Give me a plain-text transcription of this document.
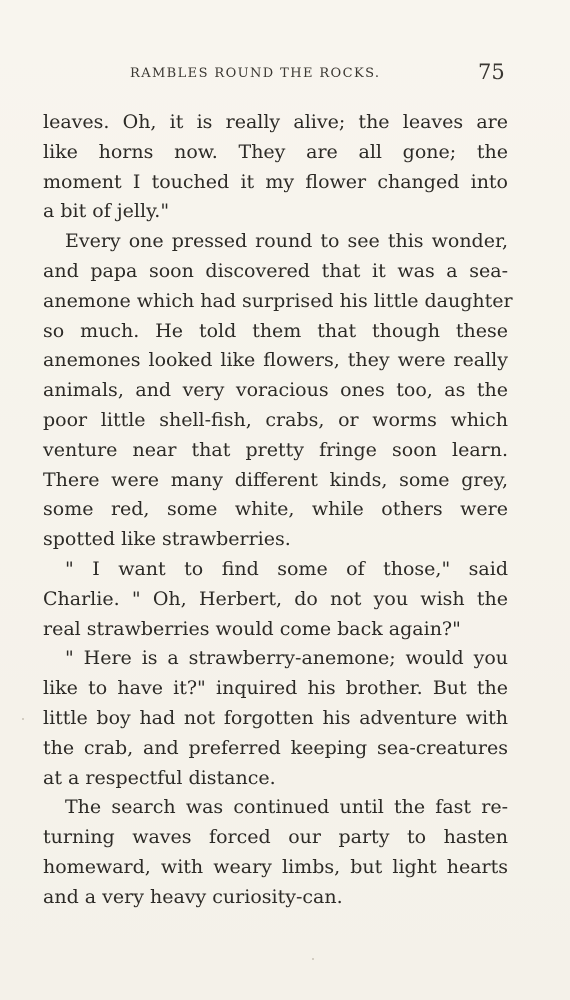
RAMBLES ROUND THE ROCKS.	75
leaves. Oh, it is really alive; the leaves are
like horns now. They are all gone; the
moment I touched it my flower changed into
a bit of jelly."
Every one pressed round to see this wonder,
and papa soon discovered that it was a sea-
anemone which had surprised his little daughter
so much. He told them that though these
anemones looked like flowers, they were really
animals, and very voracious ones too, as the
poor little shell-fish, crabs, or worms which
venture near that pretty fringe soon learn.
There were many different kinds, some grey,
some red, some white, while others were
spotted like strawberries.
" I want to find some of those," said
Charlie. " Oh, Herbert, do not you wish the
real strawberries would come back again?"
" Here is a strawberry-anemone; would you
like to have it?" inquired his brother. But the
little boy had not forgotten his adventure with
the crab, and preferred keeping sea-creatures
at a respectful distance.
The search was continued until the fast re-
turning waves forced our party to hasten
homeward, with weary limbs, but light hearts
and a very heavy curiosity-can.
